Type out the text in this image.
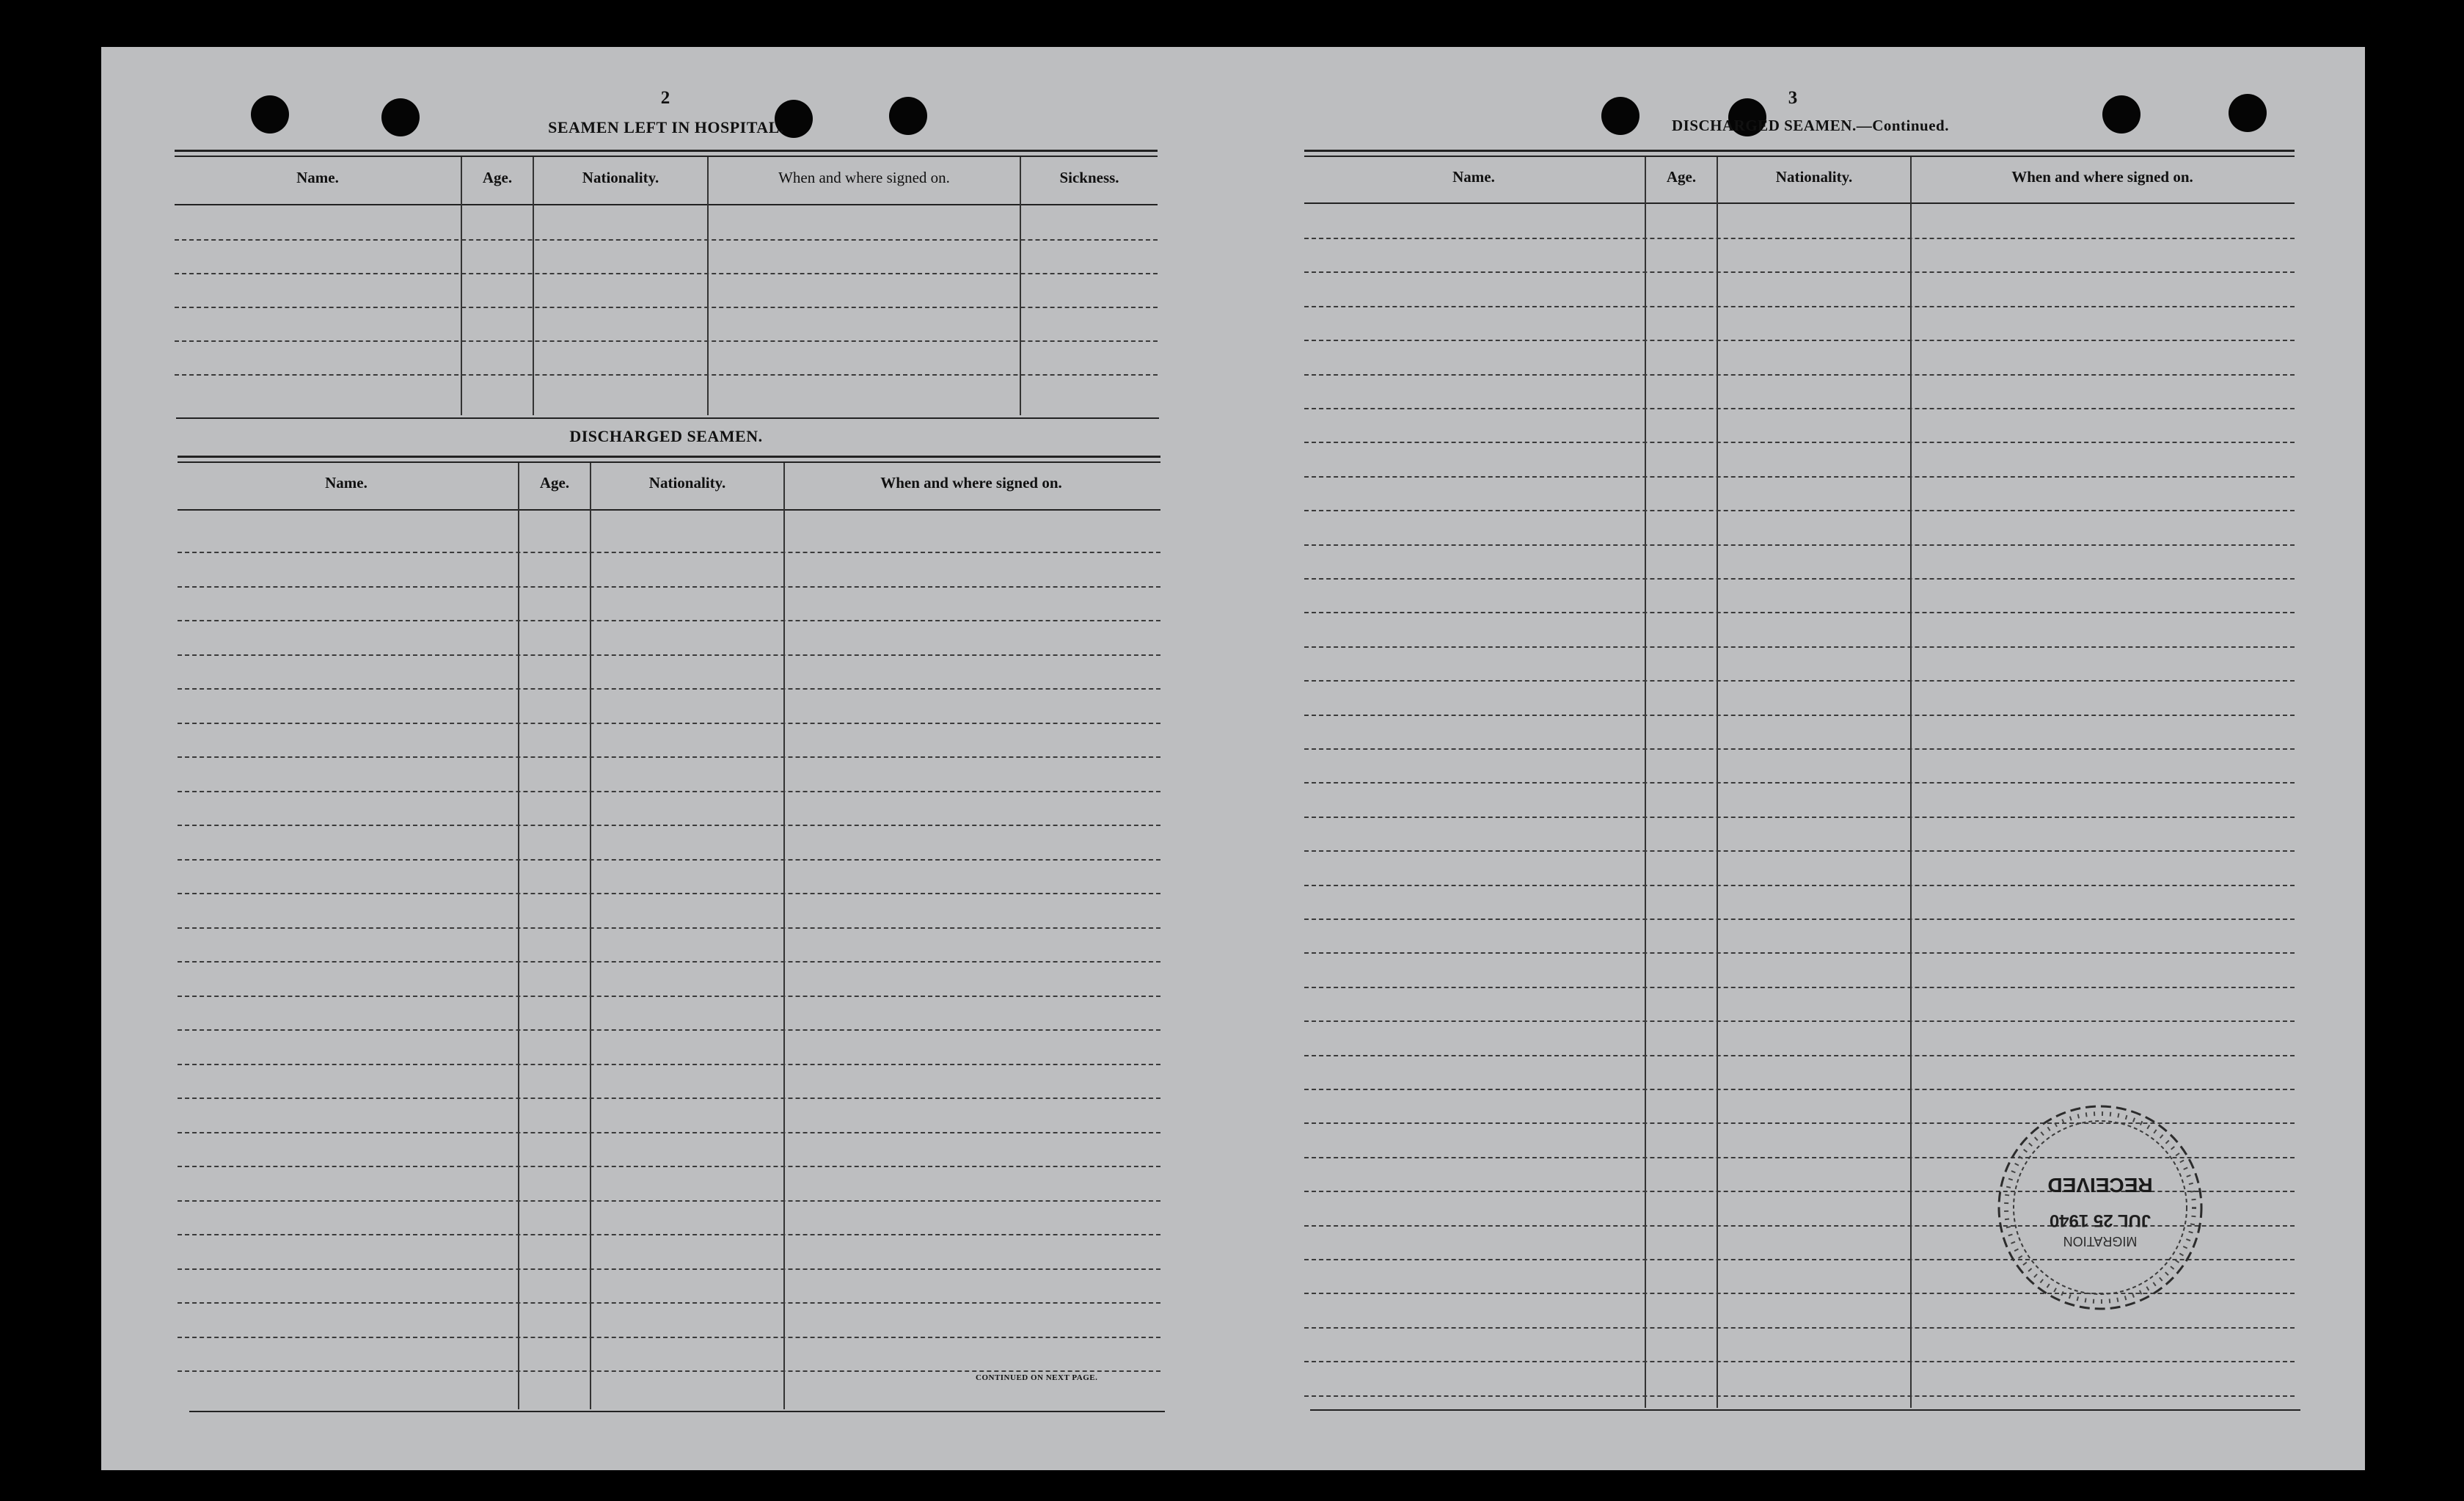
2
SEAMEN LEFT IN HOSPITAL.
Name.	Age.	Nationality.	When and where signed on.	Sickness.
DISCHARGED SEAMEN.
Name.	Age.	Nationality.	When and where signed on.
CONTINUED ON NEXT PAGE.
3
DISCHARGED SEAMEN.—Continued.
Name.	Age.	Nationality.	When and where signed on.
MIGRATION
JUL 25 1940
RECEIVED
